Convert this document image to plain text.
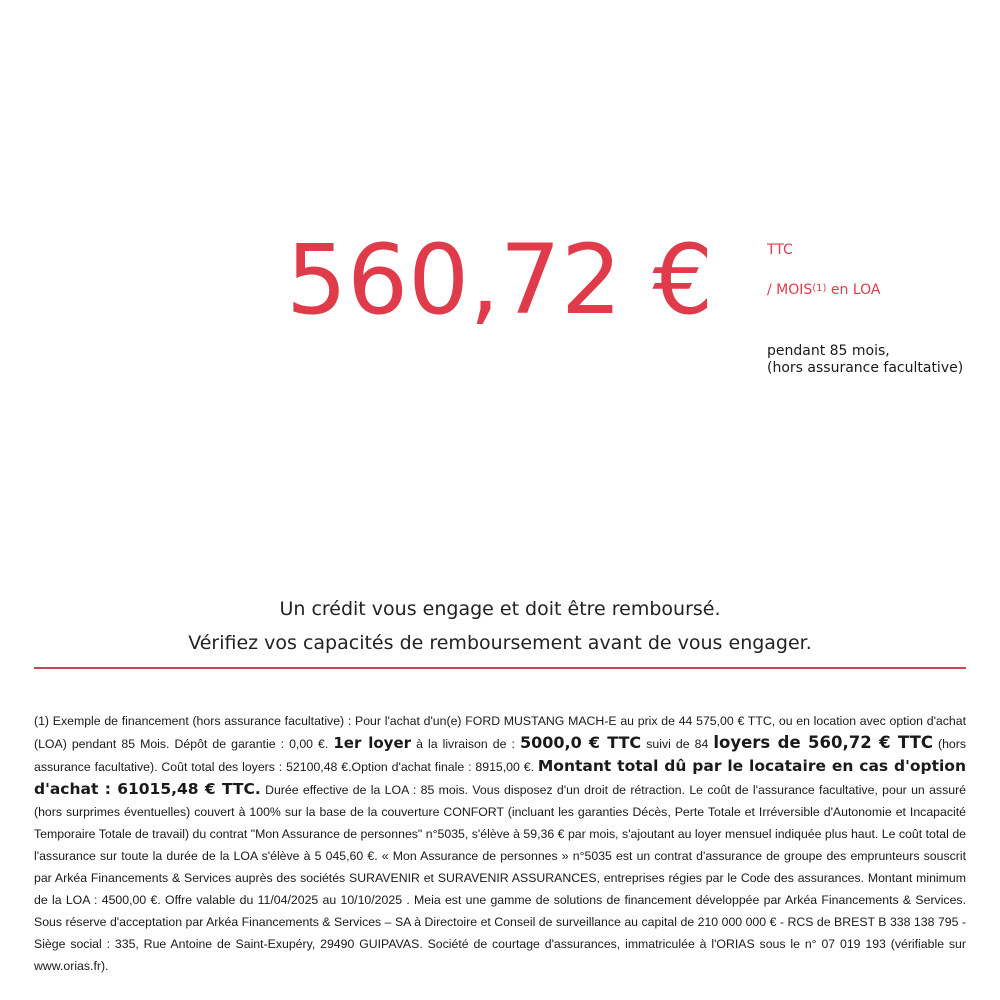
560,72 €	TTC
/ MOIS$^{(1)}$ en LOA
pendant 85 mois,
(hors assurance facultative)
Un crédit vous engage et doit être remboursé.
Vérifiez vos capacités de remboursement avant de vous engager.
(1) Exemple de financement (hors assurance facultative) : Pour l'achat d'un(e) FORD MUSTANG MACH-E au prix de 44 575,00 € TTC, ou en location avec option d'achat (LOA) pendant 85 Mois. Dépôt de garantie : 0,00 €. 1er loyer à la livraison de : 5000,0 € TTC suivi de 84 loyers de 560,72 € TTC (hors assurance facultative). Coût total des loyers : 52100,48 €.Option d'achat finale : 8915,00 €. Montant total dû par le locataire en cas d'option d'achat : 61015,48 € TTC. Durée effective de la LOA : 85 mois. Vous disposez d'un droit de rétraction. Le coût de l'assurance facultative, pour un assuré (hors surprimes éventuelles) couvert à 100% sur la base de la couverture CONFORT (incluant les garanties Décès, Perte Totale et Irréversible d'Autonomie et Incapacité Temporaire Totale de travail) du contrat "Mon Assurance de personnes" n°5035, s'élève à 59,36 € par mois, s'ajoutant au loyer mensuel indiquée plus haut. Le coût total de l'assurance sur toute la durée de la LOA s'élève à 5 045,60 €. « Mon Assurance de personnes » n°5035 est un contrat d'assurance de groupe des emprunteurs souscrit par Arkéa Financements & Services auprès des sociétés SURAVENIR et SURAVENIR ASSURANCES, entreprises régies par le Code des assurances. Montant minimum de la LOA : 4500,00 €. Offre valable du 11/04/2025 au 10/10/2025 . Meia est une gamme de solutions de financement développée par Arkéa Financements & Services. Sous réserve d'acceptation par Arkéa Financements & Services – SA à Directoire et Conseil de surveillance au capital de 210 000 000 € - RCS de BREST B 338 138 795 - Siège social : 335, Rue Antoine de Saint-Exupéry, 29490 GUIPAVAS. Société de courtage d'assurances, immatriculée à l'ORIAS sous le n° 07 019 193 (vérifiable sur www.orias.fr).
